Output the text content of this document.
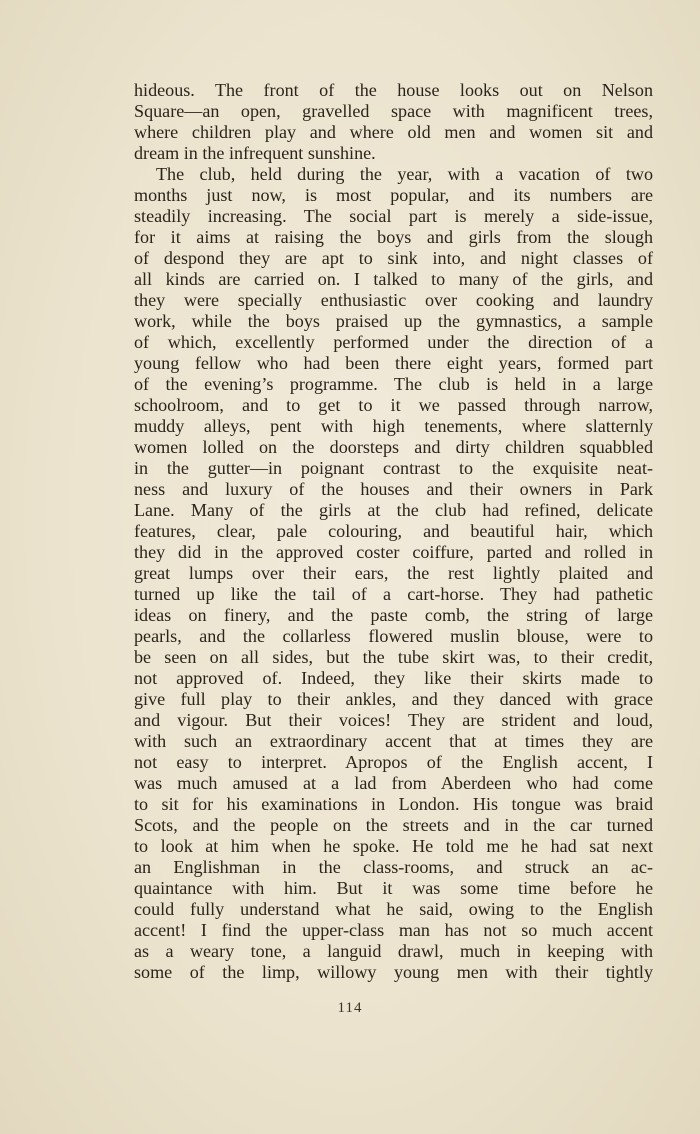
hideous. The front of the house looks out on Nelson
Square—an open, gravelled space with magnificent trees,
where children play and where old men and women sit and
dream in the infrequent sunshine.
The club, held during the year, with a vacation of two
months just now, is most popular, and its numbers are
steadily increasing. The social part is merely a side-issue,
for it aims at raising the boys and girls from the slough
of despond they are apt to sink into, and night classes of
all kinds are carried on. I talked to many of the girls, and
they were specially enthusiastic over cooking and laundry
work, while the boys praised up the gymnastics, a sample
of which, excellently performed under the direction of a
young fellow who had been there eight years, formed part
of the evening’s programme. The club is held in a large
schoolroom, and to get to it we passed through narrow,
muddy alleys, pent with high tenements, where slatternly
women lolled on the doorsteps and dirty children squabbled
in the gutter—in poignant contrast to the exquisite neat-
ness and luxury of the houses and their owners in Park
Lane. Many of the girls at the club had refined, delicate
features, clear, pale colouring, and beautiful hair, which
they did in the approved coster coiffure, parted and rolled in
great lumps over their ears, the rest lightly plaited and
turned up like the tail of a cart-horse. They had pathetic
ideas on finery, and the paste comb, the string of large
pearls, and the collarless flowered muslin blouse, were to
be seen on all sides, but the tube skirt was, to their credit,
not approved of. Indeed, they like their skirts made to
give full play to their ankles, and they danced with grace
and vigour. But their voices! They are strident and loud,
with such an extraordinary accent that at times they are
not easy to interpret. Apropos of the English accent, I
was much amused at a lad from Aberdeen who had come
to sit for his examinations in London. His tongue was braid
Scots, and the people on the streets and in the car turned
to look at him when he spoke. He told me he had sat next
an Englishman in the class-rooms, and struck an ac-
quaintance with him. But it was some time before he
could fully understand what he said, owing to the English
accent! I find the upper-class man has not so much accent
as a weary tone, a languid drawl, much in keeping with
some of the limp, willowy young men with their tightly
114
